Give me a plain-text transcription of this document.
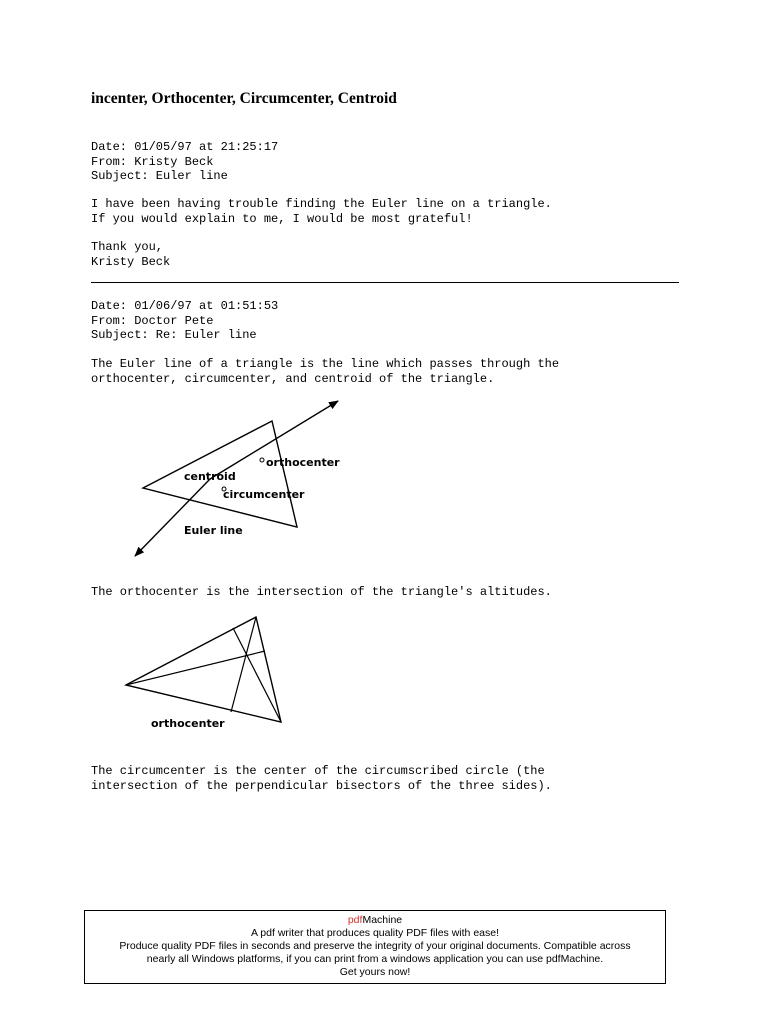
incenter, Orthocenter, Circumcenter, Centroid
Date: 01/05/97 at 21:25:17
From: Kristy Beck
Subject: Euler line
I have been having trouble finding the Euler line on a triangle.
If you would explain to me, I would be most grateful!
Thank you,
Kristy Beck
Date: 01/06/97 at 01:51:53
From: Doctor Pete
Subject: Re: Euler line
The Euler line of a triangle is the line which passes through the
orthocenter, circumcenter, and centroid of the triangle.
centroid
orthocenter
circumcenter
Euler line
The orthocenter is the intersection of the triangle's altitudes.
orthocenter
The circumcenter is the center of the circumscribed circle (the
intersection of the perpendicular bisectors of the three sides).
pdfMachine
A pdf writer that produces quality PDF files with ease!
Produce quality PDF files in seconds and preserve the integrity of your original documents. Compatible across
nearly all Windows platforms, if you can print from a windows application you can use pdfMachine.
Get yours now!
